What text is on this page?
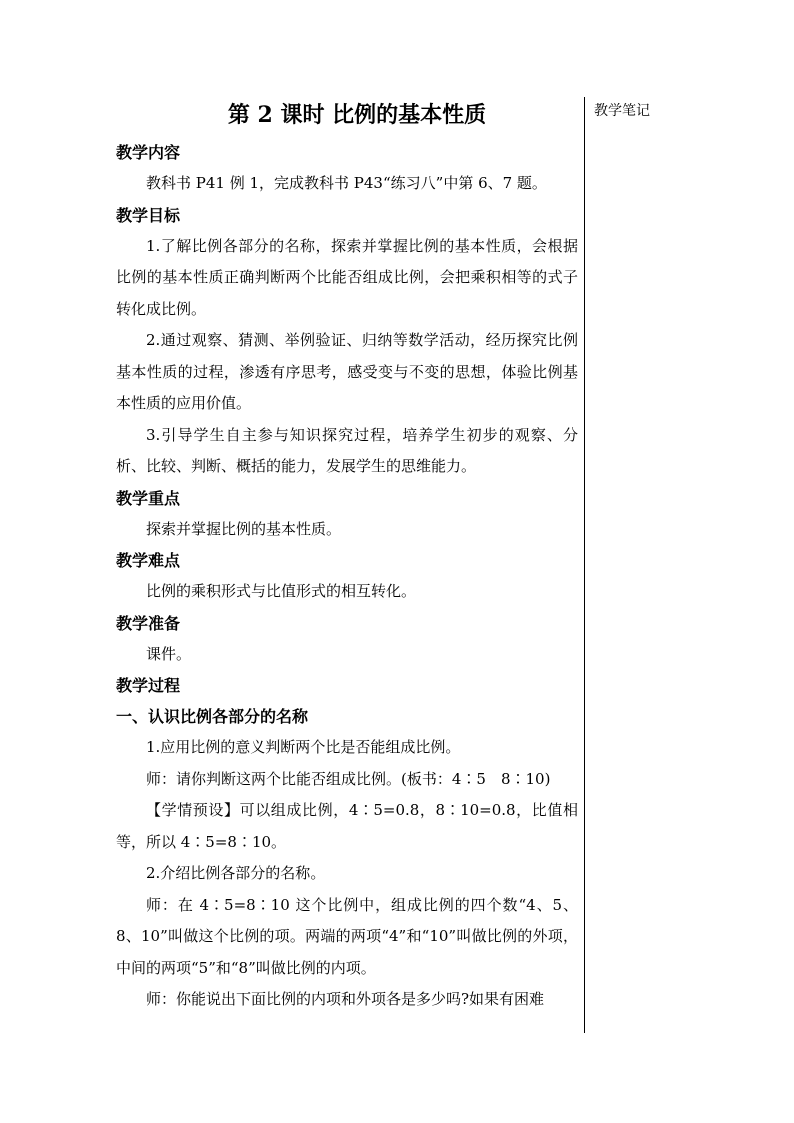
教学笔记
第 2 课时 比例的基本性质

教学内容

教科书 P41 例 1，完成教科书 P43“练习八”中第 6、7 题。

教学目标

1.了解比例各部分的名称，探索并掌握比例的基本性质，会根据比例的基本性质正确判断两个比能否组成比例，会把乘积相等的式子转化成比例。

2.通过观察、猜测、举例验证、归纳等数学活动，经历探究比例基本性质的过程，渗透有序思考，感受变与不变的思想，体验比例基本性质的应用价值。

3.引导学生自主参与知识探究过程，培养学生初步的观察、分析、比较、判断、概括的能力，发展学生的思维能力。

教学重点

探索并掌握比例的基本性质。

教学难点

比例的乘积形式与比值形式的相互转化。

教学准备

课件。

教学过程

一、认识比例各部分的名称

1.应用比例的意义判断两个比是否能组成比例。

师：请你判断这两个比能否组成比例。(板书：4∶5　8∶10)

【学情预设】可以组成比例，4∶5=0.8，8∶10=0.8，比值相等，所以 4∶5=8∶10。

2.介绍比例各部分的名称。

师：在 4∶5=8∶10 这个比例中，组成比例的四个数“4、5、8、10”叫做这个比例的项。两端的两项“4”和“10”叫做比例的外项，中间的两项“5”和“8”叫做比例的内项。

师：你能说出下面比例的内项和外项各是多少吗?如果有困难
